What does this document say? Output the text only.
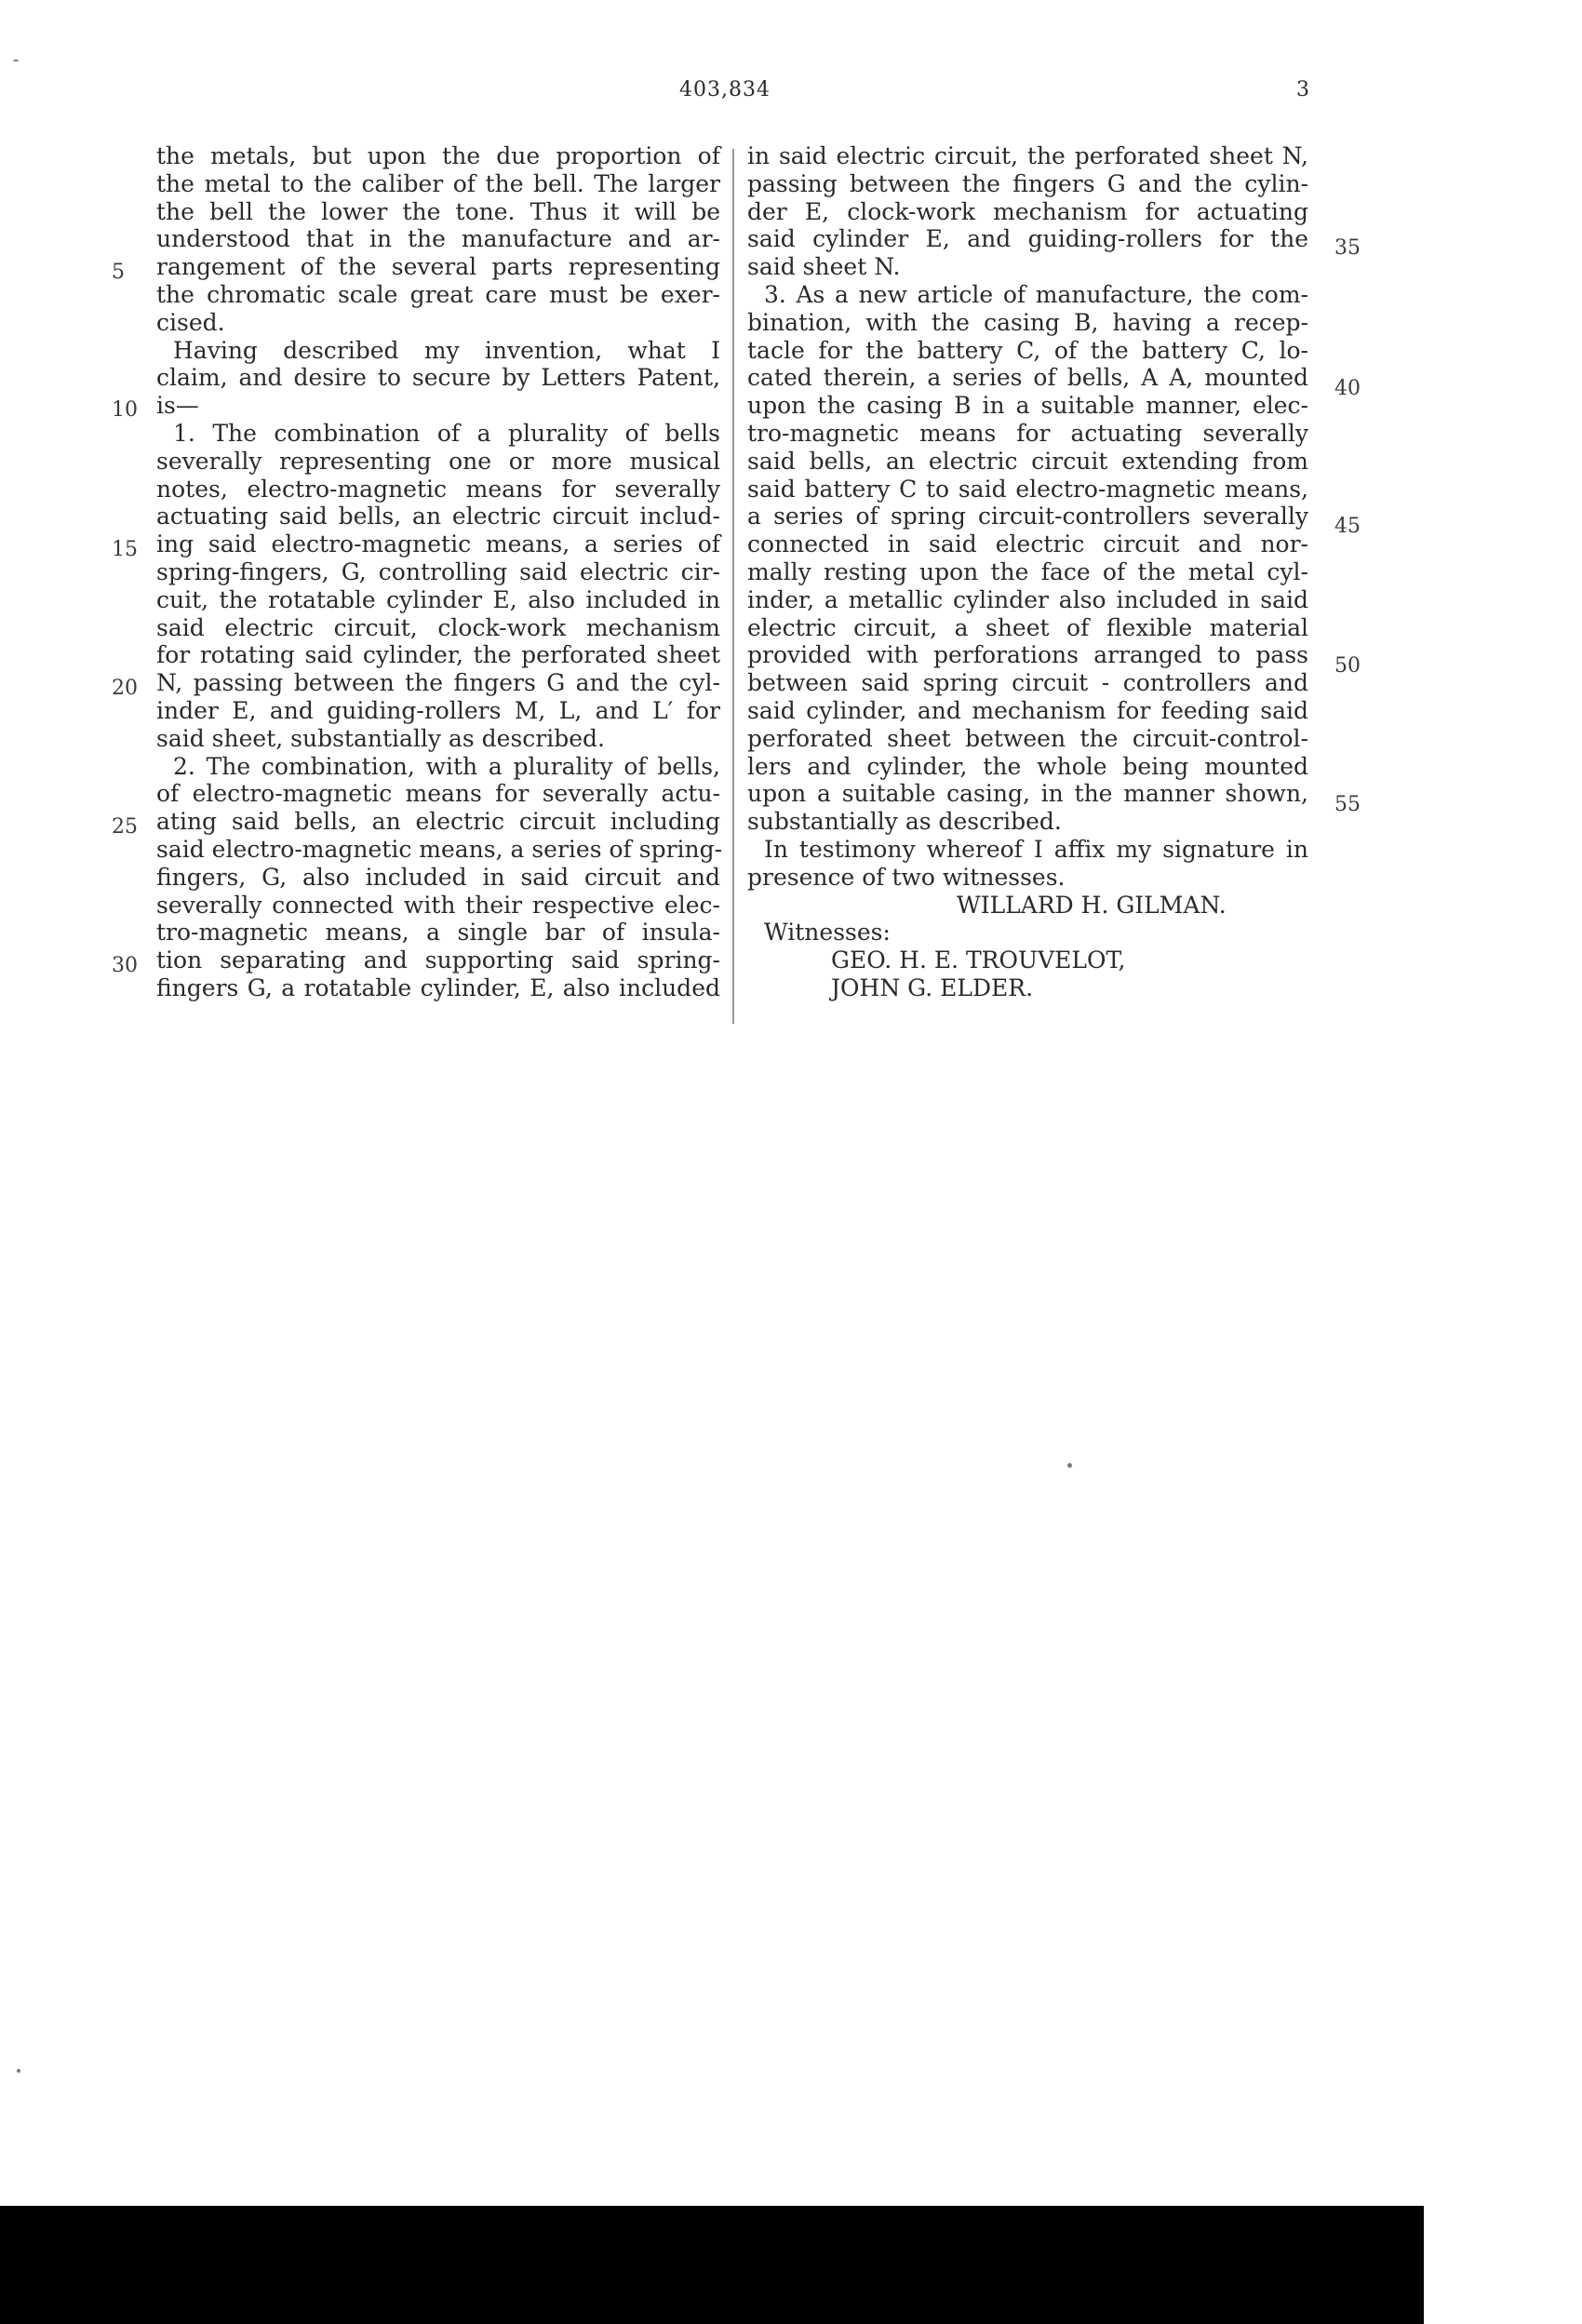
403,834	3
the metals, but upon the due proportion of
the metal to the caliber of the bell. The larger
the bell the lower the tone. Thus it will be
understood that in the manufacture and ar-
rangement of the several parts representing
the chromatic scale great care must be exer-
cised.
Having described my invention, what I
claim, and desire to secure by Letters Patent,
is—
1. The combination of a plurality of bells
severally representing one or more musical
notes, electro-magnetic means for severally
actuating said bells, an electric circuit includ-
ing said electro-magnetic means, a series of
spring-fingers, G, controlling said electric cir-
cuit, the rotatable cylinder E, also included in
said electric circuit, clock-work mechanism
for rotating said cylinder, the perforated sheet
N, passing between the fingers G and the cyl-
inder E, and guiding-rollers M, L, and L′ for
said sheet, substantially as described.
2. The combination, with a plurality of bells,
of electro-magnetic means for severally actu-
ating said bells, an electric circuit including
said electro-magnetic means, a series of spring-
fingers, G, also included in said circuit and
severally connected with their respective elec-
tro-magnetic means, a single bar of insula-
tion separating and supporting said spring-
fingers G, a rotatable cylinder, E, also included
in said electric circuit, the perforated sheet N,
passing between the fingers G and the cylin-
der E, clock-work mechanism for actuating
said cylinder E, and guiding-rollers for the
said sheet N.
3. As a new article of manufacture, the com-
bination, with the casing B, having a recep-
tacle for the battery C, of the battery C, lo-
cated therein, a series of bells, A A, mounted
upon the casing B in a suitable manner, elec-
tro-magnetic means for actuating severally
said bells, an electric circuit extending from
said battery C to said electro-magnetic means,
a series of spring circuit-controllers severally
connected in said electric circuit and nor-
mally resting upon the face of the metal cyl-
inder, a metallic cylinder also included in said
electric circuit, a sheet of flexible material
provided with perforations arranged to pass
between said spring circuit - controllers and
said cylinder, and mechanism for feeding said
perforated sheet between the circuit-control-
lers and cylinder, the whole being mounted
upon a suitable casing, in the manner shown,
substantially as described.
In testimony whereof I affix my signature in
presence of two witnesses.
WILLARD H. GILMAN.
Witnesses:
GEO. H. E. TROUVELOT,
JOHN G. ELDER.
5
10
15
20
25
30
35
40
45
50
55
